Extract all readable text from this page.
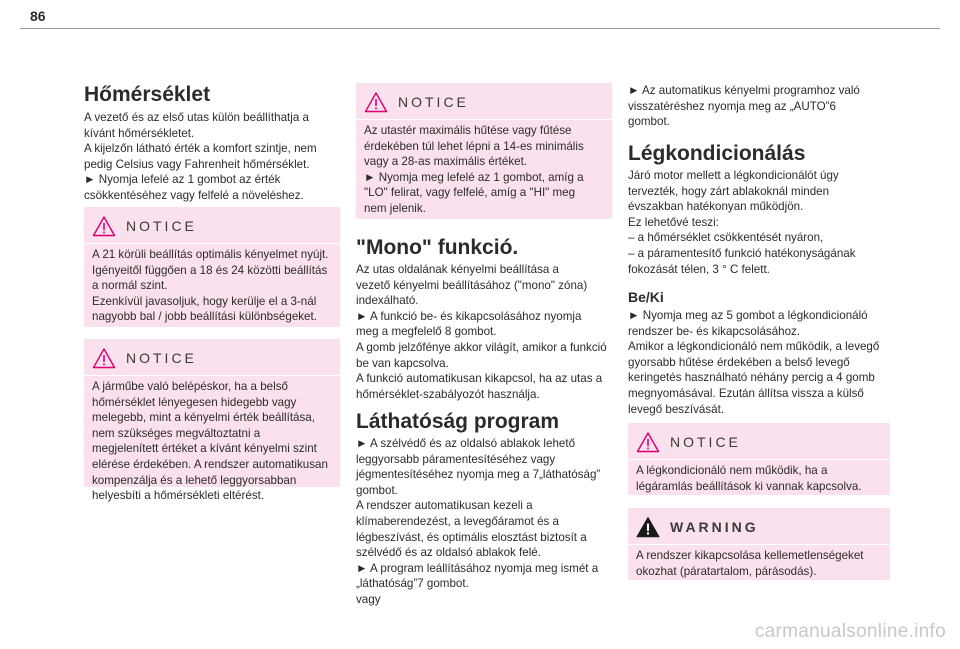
86
Hőmérséklet

A vezető és az első utas külön beállíthatja a
kívánt hőmérsékletet.
A kijelzőn látható érték a komfort szintje, nem
pedig Celsius vagy Fahrenheit hőmérséklet.
► Nyomja lefelé az 1 gombot az érték
csökkentéséhez vagy felfelé a növeléshez.

NOTICE
A 21 körüli beállítás optimális kényelmet nyújt.
Igényeitől függően a 18 és 24 közötti beállítás
a normál szint.
Ezenkívül javasoljuk, hogy kerülje el a 3-nál
nagyobb bal / jobb beállítási különbségeket.
NOTICE
A járműbe való belépéskor, ha a belső
hőmérséklet lényegesen hidegebb vagy
melegebb, mint a kényelmi érték beállítása,
nem szükséges megváltoztatni a
megjelenített értéket a kívánt kényelmi szint
elérése érdekében. A rendszer automatikusan
kompenzálja és a lehető leggyorsabban
helyesbíti a hőmérsékleti eltérést.
NOTICE
Az utastér maximális hűtése vagy fűtése
érdekében túl lehet lépni a 14-es minimális
vagy a 28-as maximális értéket.
► Nyomja meg lefelé az 1 gombot, amíg a
"LO" felirat, vagy felfelé, amíg a "HI" meg
nem jelenik.
"Mono" funkció.

Az utas oldalának kényelmi beállítása a
vezető kényelmi beállításához ("mono" zóna)
indexálható.
► A funkció be- és kikapcsolásához nyomja
meg a megfelelő 8 gombot.
A gomb jelzőfénye akkor világít, amikor a funkció
be van kapcsolva.
A funkció automatikusan kikapcsol, ha az utas a
hőmérséklet-szabályozót használja.

Láthatóság program

► A szélvédő és az oldalsó ablakok lehető
leggyorsabb páramentesítéséhez vagy
jégmentesítéséhez nyomja meg a 7„láthatóság”
gombot.
A rendszer automatikusan kezeli a
klímaberendezést, a levegőáramot és a
légbeszívást, és optimális elosztást biztosít a
szélvédő és az oldalsó ablakok felé.
► A program leállításához nyomja meg ismét a
„láthatóság”7 gombot.
vagy

► Az automatikus kényelmi programhoz való
visszatéréshez nyomja meg az „AUTO”6
gombot.

Légkondicionálás

Járó motor mellett a légkondicionálót úgy
tervezték, hogy zárt ablakoknál minden
évszakban hatékonyan működjön.
Ez lehetővé teszi:
– a hőmérséklet csökkentését nyáron,
– a páramentesítő funkció hatékonyságának
fokozását télen, 3 ° C felett.

Be/Ki

► Nyomja meg az 5 gombot a légkondicionáló
rendszer be- és kikapcsolásához.
Amikor a légkondicionáló nem működik, a levegő
gyorsabb hűtése érdekében a belső levegő
keringetés használható néhány percig a 4 gomb
megnyomásával. Ezután állítsa vissza a külső
levegő beszívását.

NOTICE
A légkondicionáló nem működik, ha a
légáramlás beállítások ki vannak kapcsolva.
WARNING
A rendszer kikapcsolása kellemetlenségeket
okozhat (páratartalom, párásodás).
carmanualsonline.info
